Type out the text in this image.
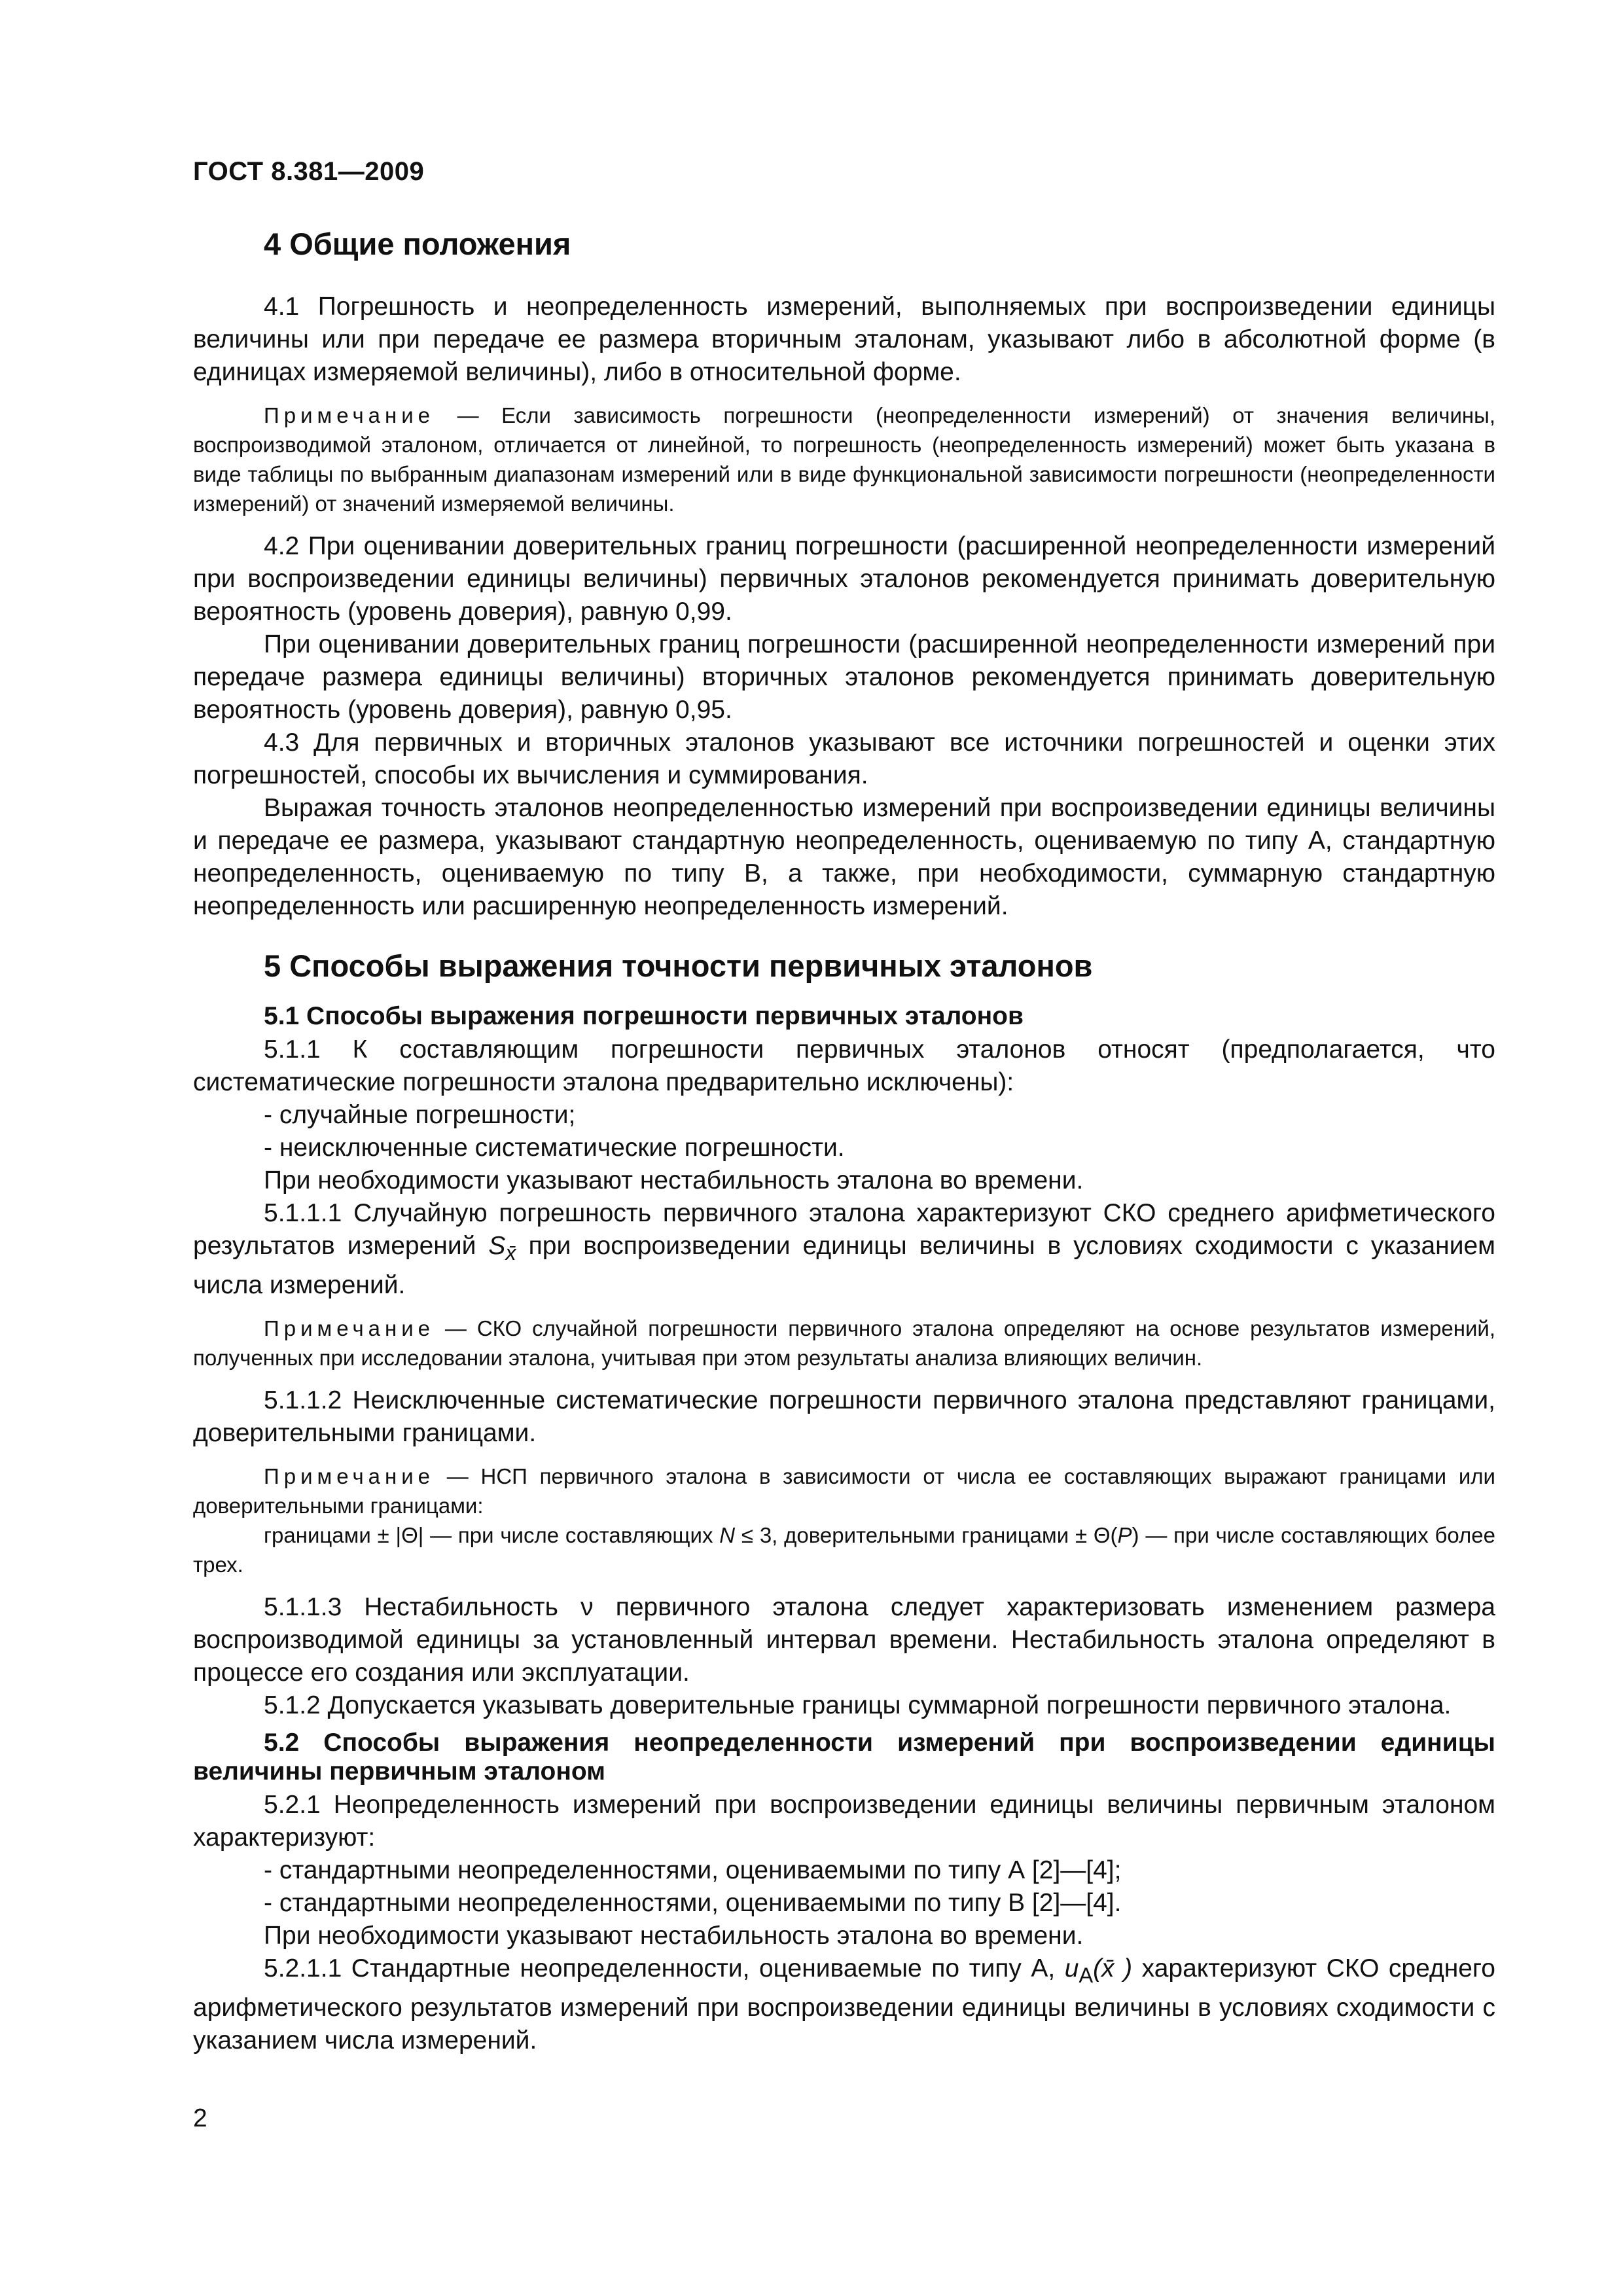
ГОСТ 8.381—2009
4 Общие положения

4.1 Погрешность и неопределенность измерений, выполняемых при воспроизведении единицы величины или при передаче ее размера вторичным эталонам, указывают либо в абсолютной форме (в единицах измеряемой величины), либо в относительной форме.

Примечание — Если зависимость погрешности (неопределенности измерений) от значения величины, воспроизводимой эталоном, отличается от линейной, то погрешность (неопределенность измерений) может быть указана в виде таблицы по выбранным диапазонам измерений или в виде функциональной зависимости погрешности (неопределенности измерений) от значений измеряемой величины.

4.2 При оценивании доверительных границ погрешности (расширенной неопределенности измерений при воспроизведении единицы величины) первичных эталонов рекомендуется принимать доверительную вероятность (уровень доверия), равную 0,99.

При оценивании доверительных границ погрешности (расширенной неопределенности измерений при передаче размера единицы величины) вторичных эталонов рекомендуется принимать доверительную вероятность (уровень доверия), равную 0,95.

4.3 Для первичных и вторичных эталонов указывают все источники погрешностей и оценки этих погрешностей, способы их вычисления и суммирования.

Выражая точность эталонов неопределенностью измерений при воспроизведении единицы величины и передаче ее размера, указывают стандартную неопределенность, оцениваемую по типу А, стандартную неопределенность, оцениваемую по типу В, а также, при необходимости, суммарную стандартную неопределенность или расширенную неопределенность измерений.

5 Способы выражения точности первичных эталонов
5.1 Способы выражения погрешности первичных эталонов

5.1.1 К составляющим погрешности первичных эталонов относят (предполагается, что систематические погрешности эталона предварительно исключены):

- случайные погрешности;

- неисключенные систематические погрешности.

При необходимости указывают нестабильность эталона во времени.

5.1.1.1 Случайную погрешность первичного эталона характеризуют СКО среднего арифметического результатов измерений $S_{x̄}$ при воспроизведении единицы величины в условиях сходимости с указанием числа измерений.

Примечание — СКО случайной погрешности первичного эталона определяют на основе результатов измерений, полученных при исследовании эталона, учитывая при этом результаты анализа влияющих величин.

5.1.1.2 Неисключенные систематические погрешности первичного эталона представляют границами, доверительными границами.

Примечание — НСП первичного эталона в зависимости от числа ее составляющих выражают границами или доверительными границами:
границами ± |Θ| — при числе составляющих N ≤ 3, доверительными границами ± Θ(P) — при числе составляющих более трех.

5.1.1.3 Нестабильность ν первичного эталона следует характеризовать изменением размера воспроизводимой единицы за установленный интервал времени. Нестабильность эталона определяют в процессе его создания или эксплуатации.

5.1.2 Допускается указывать доверительные границы суммарной погрешности первичного эталона.

5.2 Способы выражения неопределенности измерений при воспроизведении единицы величины первичным эталоном

5.2.1 Неопределенность измерений при воспроизведении единицы величины первичным эталоном характеризуют:

- стандартными неопределенностями, оцениваемыми по типу А [2]—[4];

- стандартными неопределенностями, оцениваемыми по типу В [2]—[4].

При необходимости указывают нестабильность эталона во времени.

5.2.1.1 Стандартные неопределенности, оцениваемые по типу А, $u_A(x̄$ ) характеризуют СКО среднего арифметического результатов измерений при воспроизведении единицы величины в условиях сходимости с указанием числа измерений.

2
